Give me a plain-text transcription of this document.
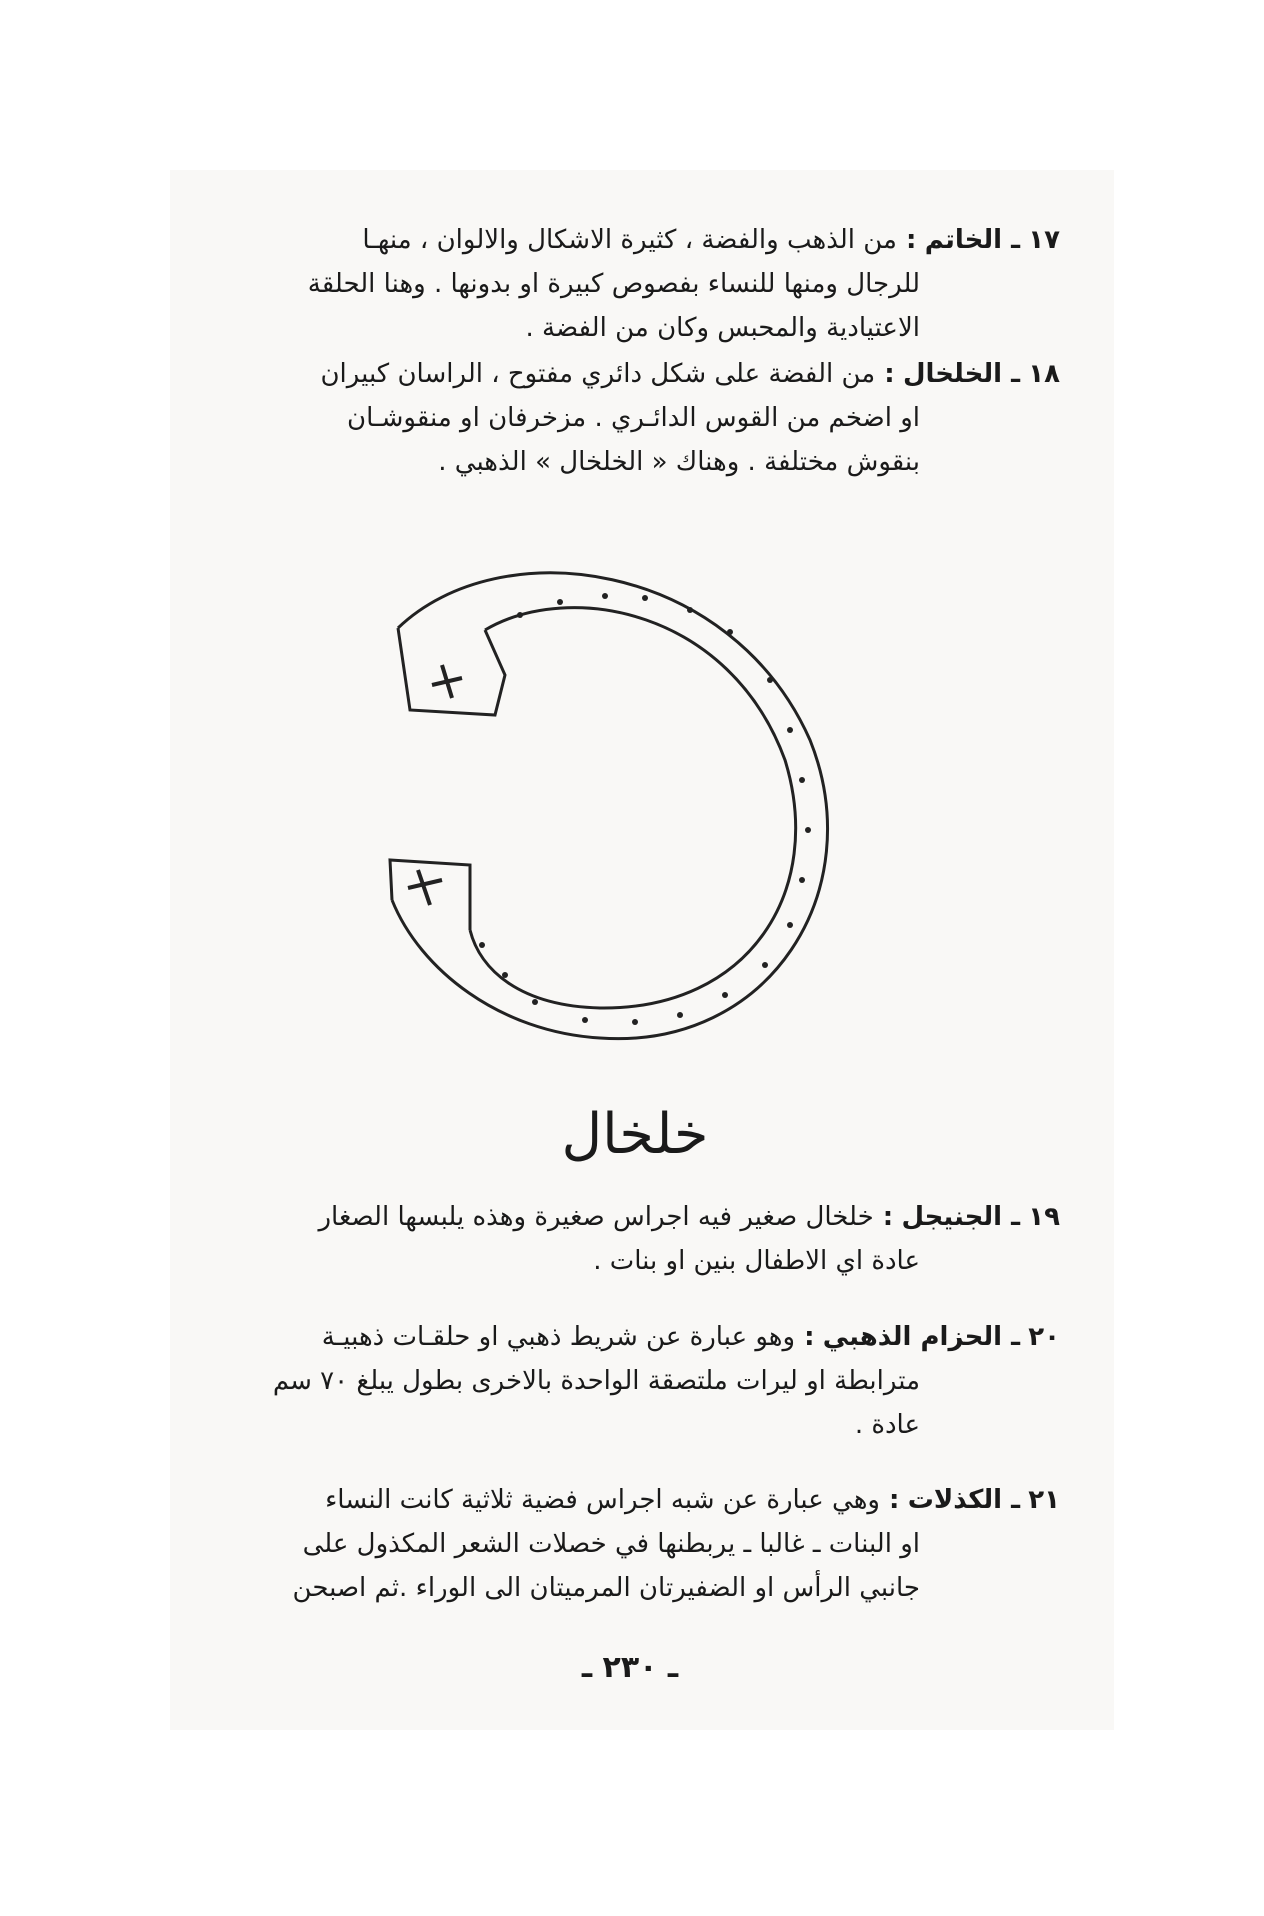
١٧ ـ الخاتم : من الذهب والفضة ، كثيرة الاشكال والالوان ، منهـا
للرجال ومنها للنساء بفصوص كبيرة او بدونها . وهنا الحلقة
الاعتيادية والمحبس وكان من الفضة .
١٨ ـ الخلخال : من الفضة على شكل دائري مفتوح ، الراسان كبيران
او اضخم من القوس الدائـري . مزخرفان او منقوشـان
بنقوش مختلفة . وهناك « الخلخال » الذهبي .
خلخال
١٩ ـ الجنيجل : خلخال صغير فيه اجراس صغيرة وهذه يلبسها الصغار
عادة اي الاطفال بنين او بنات .
٢٠ ـ الحزام الذهبي : وهو عبارة عن شريط ذهبي او حلقـات ذهبيـة
مترابطة او ليرات ملتصقة الواحدة بالاخرى بطول يبلغ ٧٠ سم
عادة .
٢١ ـ الكذلات : وهي عبارة عن شبه اجراس فضية ثلاثية كانت النساء
او البنات ـ غالبا ـ يربطنها في خصلات الشعر المكذول على
جانبي الرأس او الضفيرتان المرميتان الى الوراء .ثم اصبحن
ـ ٢٣٠ ـ
